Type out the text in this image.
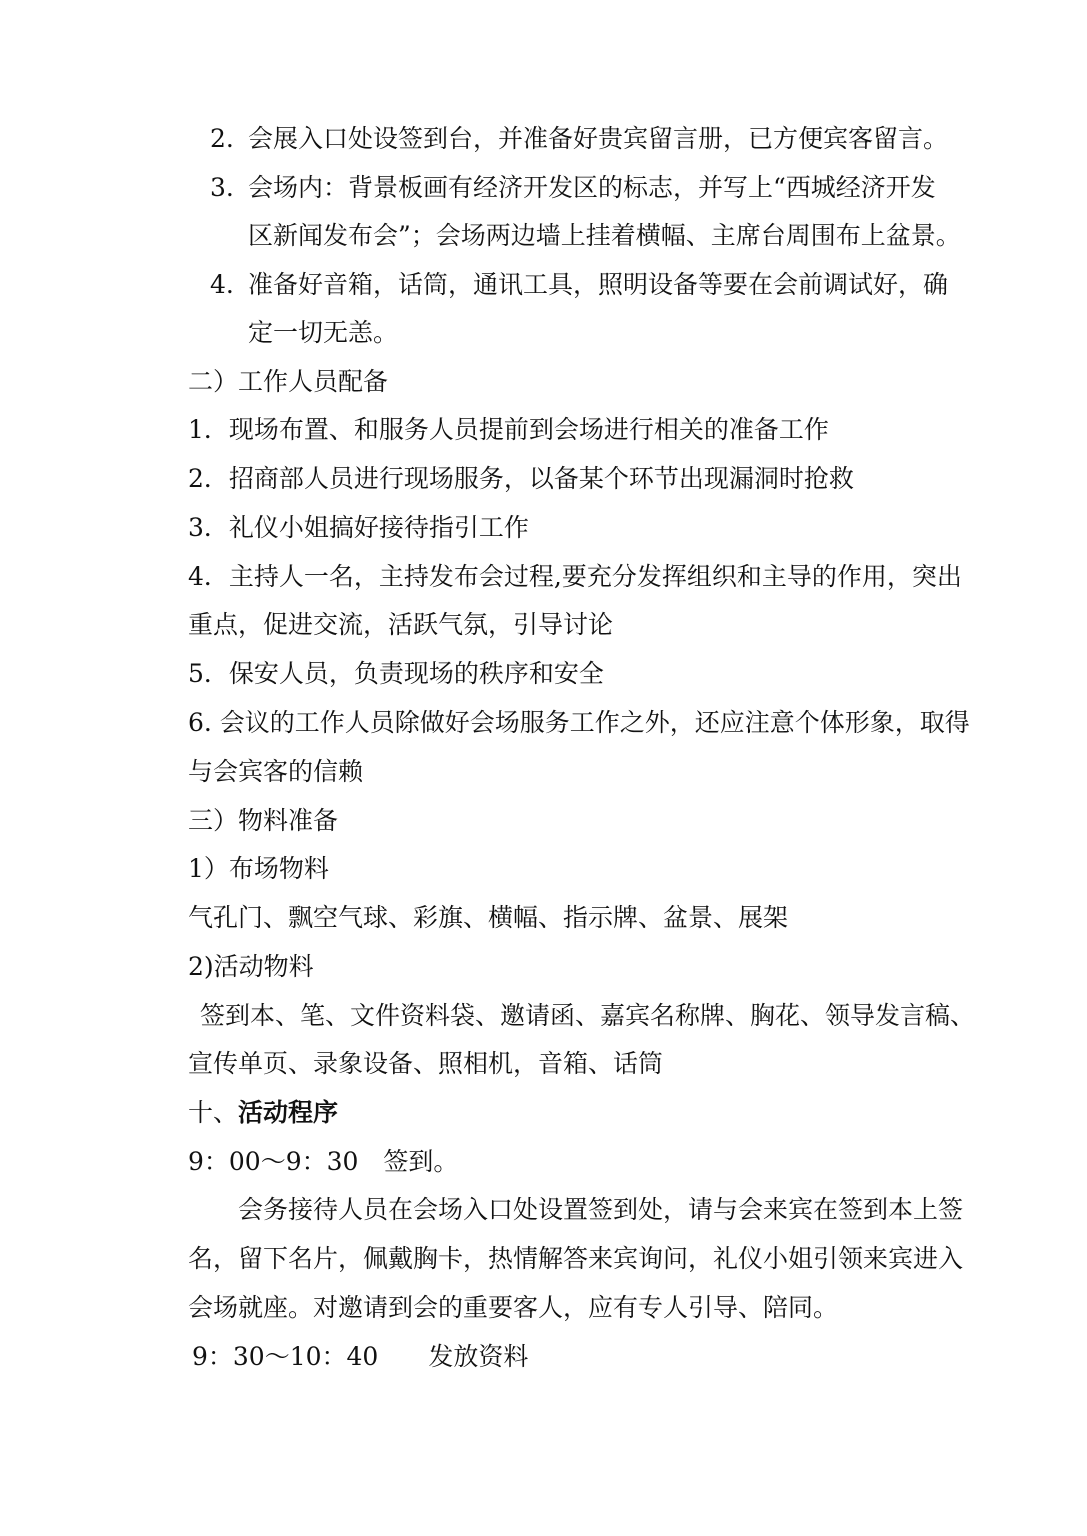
2. 会展入口处设签到台，并准备好贵宾留言册，已方便宾客留言。
3. 会场内：背景板画有经济开发区的标志，并写上“西城经济开发
区新闻发布会”；会场两边墙上挂着横幅、主席台周围布上盆景。
4. 准备好音箱，话筒，通讯工具，照明设备等要在会前调试好，确
定一切无恙。
二）工作人员配备
1．现场布置、和服务人员提前到会场进行相关的准备工作
2．招商部人员进行现场服务，以备某个环节出现漏洞时抢救
3．礼仪小姐搞好接待指引工作
4．主持人一名，主持发布会过程,要充分发挥组织和主导的作用，突出
重点，促进交流，活跃气氛，引导讨论
5．保安人员，负责现场的秩序和安全
6. 会议的工作人员除做好会场服务工作之外，还应注意个体形象，取得
与会宾客的信赖
三）物料准备
1）布场物料
气孔门、飘空气球、彩旗、横幅、指示牌、盆景、展架
2)活动物料
签到本、笔、文件资料袋、邀请函、嘉宾名称牌、胸花、领导发言稿、
宣传单页、录象设备、照相机，音箱、话筒
十、活动程序
9：00～9：30　签到。
会务接待人员在会场入口处设置签到处，请与会来宾在签到本上签
名，留下名片，佩戴胸卡，热情解答来宾询问，礼仪小姐引领来宾进入
会场就座。对邀请到会的重要客人，应有专人引导、陪同。
9：30～10：40　　发放资料
